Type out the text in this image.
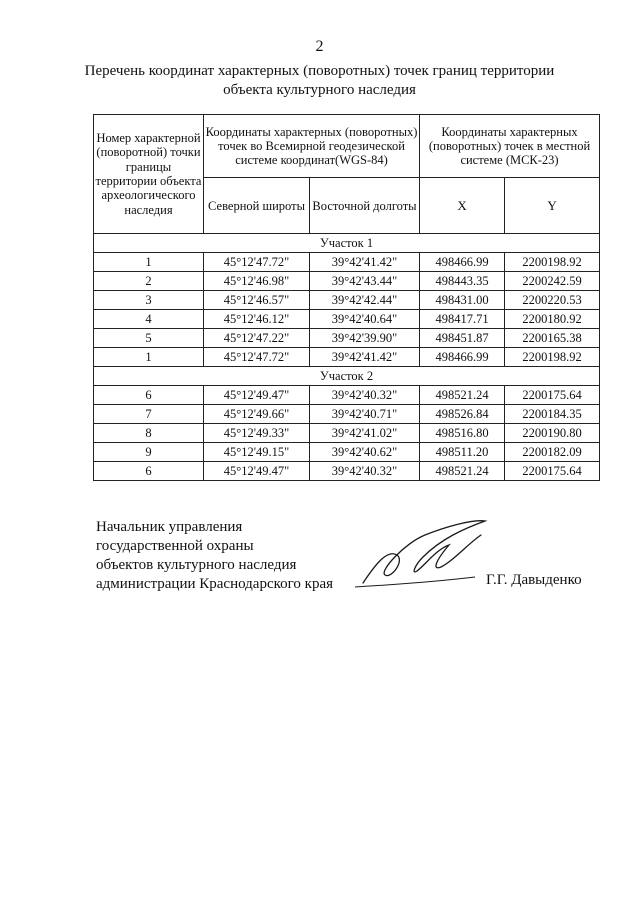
2
Перечень координат характерных (поворотных) точек границ территории
объекта культурного наследия
Номер характерной (поворотной) точки границы территории объекта археологического наследия	Координаты характерных (поворотных) точек во Всемирной геодезической системе координат(WGS-84)		Координаты характерных (поворотных) точек в местной системе (МСК-23)	
	Северной широты	Восточной долготы	X	Y
Участок 1				
1	45°12'47.72"	39°42'41.42"	498466.99	2200198.92
2	45°12'46.98"	39°42'43.44"	498443.35	2200242.59
3	45°12'46.57"	39°42'42.44"	498431.00	2200220.53
4	45°12'46.12"	39°42'40.64"	498417.71	2200180.92
5	45°12'47.22"	39°42'39.90"	498451.87	2200165.38
1	45°12'47.72"	39°42'41.42"	498466.99	2200198.92
Участок 2				
6	45°12'49.47"	39°42'40.32"	498521.24	2200175.64
7	45°12'49.66"	39°42'40.71"	498526.84	2200184.35
8	45°12'49.33"	39°42'41.02"	498516.80	2200190.80
9	45°12'49.15"	39°42'40.62"	498511.20	2200182.09
6	45°12'49.47"	39°42'40.32"	498521.24	2200175.64
Начальник управления
государственной охраны
объектов культурного наследия
администрации Краснодарского края	Г.Г. Давыденко
